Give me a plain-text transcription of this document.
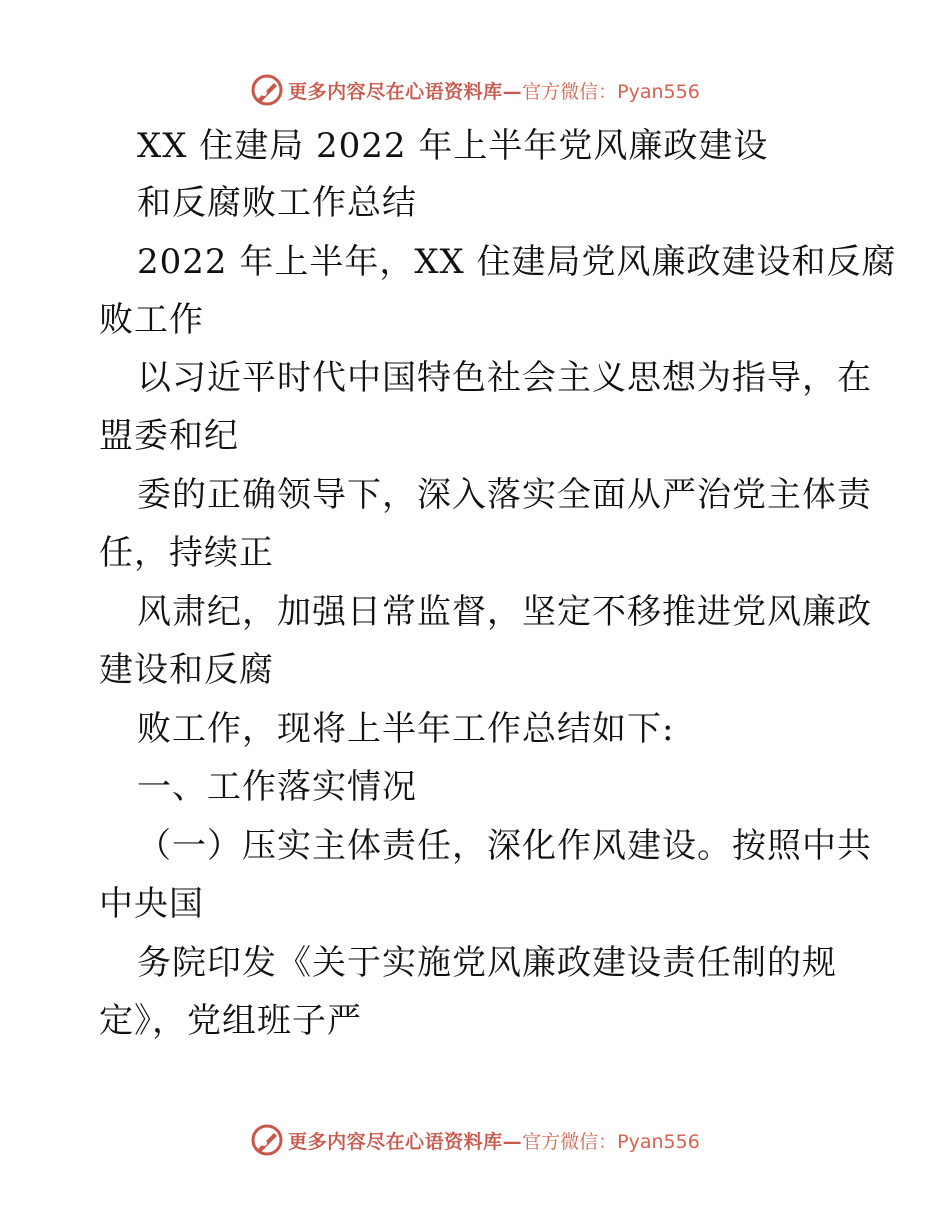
更多内容尽在心语资料库— 官方微信：Pyan556
XX 住建局 2022 年上半年党风廉政建设
和反腐败工作总结
2022 年上半年，XX 住建局党风廉政建设和反腐
败工作
以习近平时代中国特色社会主义思想为指导，在
盟委和纪
委的正确领导下，深入落实全面从严治党主体责
任，持续正
风肃纪，加强日常监督，坚定不移推进党风廉政
建设和反腐
败工作，现将上半年工作总结如下:
一、工作落实情况
（一）压实主体责任，深化作风建设。按照中共
中央国
务院印发《关于实施党风廉政建设责任制的规
定》，党组班子严
更多内容尽在心语资料库— 官方微信：Pyan556
